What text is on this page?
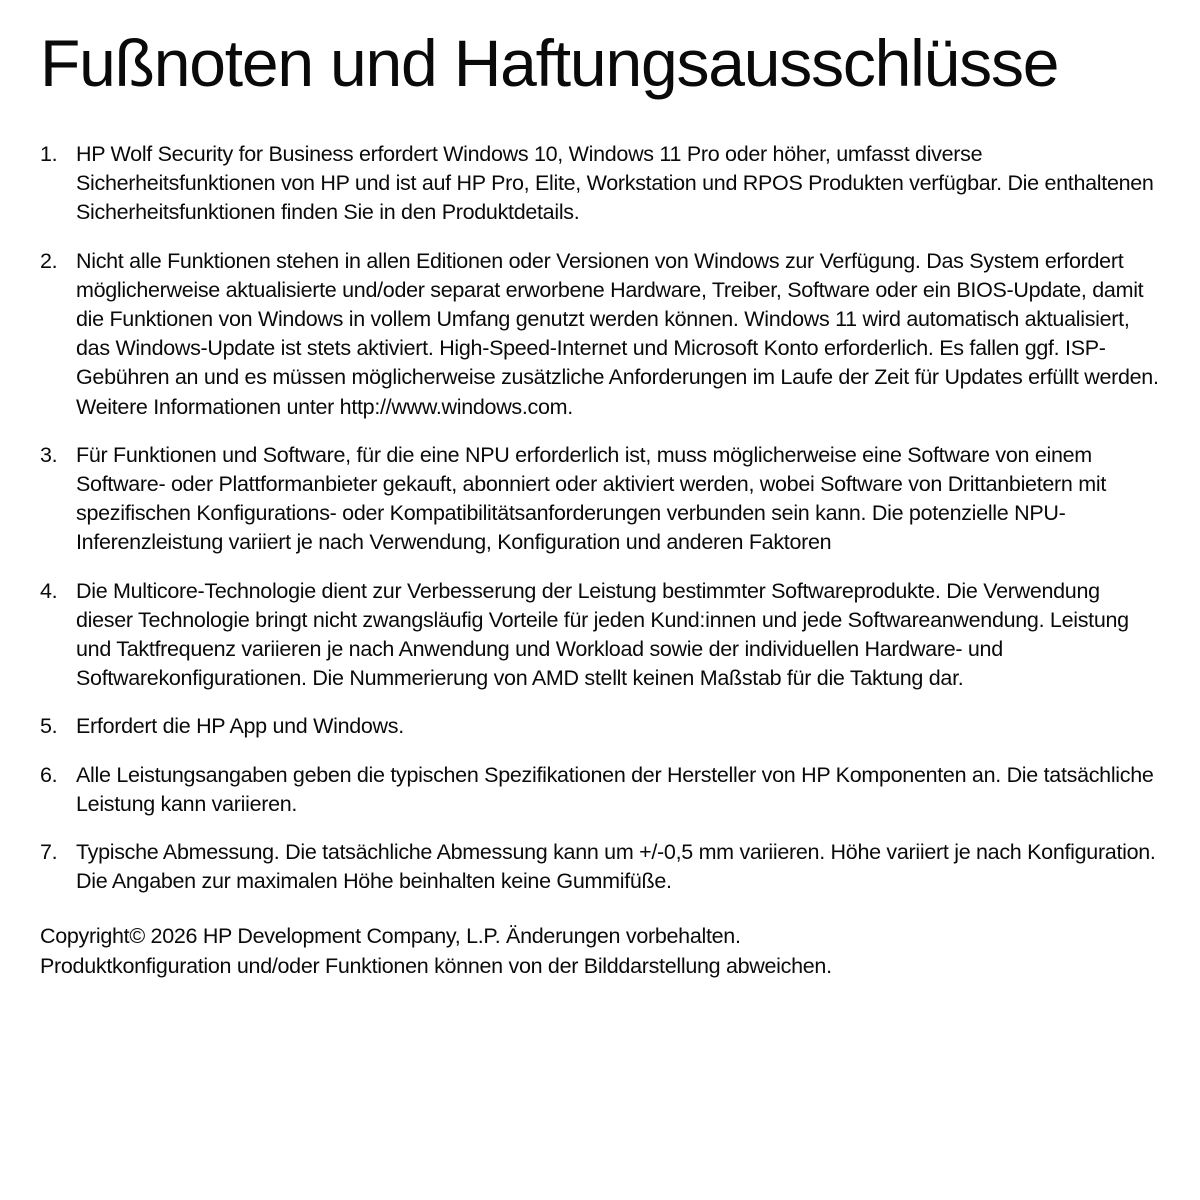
Fußnoten und Haftungsausschlüsse
1. HP Wolf Security for Business erfordert Windows 10, Windows 11 Pro oder höher, umfasst diverse Sicherheitsfunktionen von HP und ist auf HP Pro, Elite, Workstation und RPOS Produkten verfügbar. Die enthaltenen Sicherheitsfunktionen finden Sie in den Produktdetails.
2. Nicht alle Funktionen stehen in allen Editionen oder Versionen von Windows zur Verfügung. Das System erfordert möglicherweise aktualisierte und/oder separat erworbene Hardware, Treiber, Software oder ein BIOS-Update, damit die Funktionen von Windows in vollem Umfang genutzt werden können. Windows 11 wird automatisch aktualisiert, das Windows-Update ist stets aktiviert. High-Speed-Internet und Microsoft Konto erforderlich. Es fallen ggf. ISP-Gebühren an und es müssen möglicherweise zusätzliche Anforderungen im Laufe der Zeit für Updates erfüllt werden. Weitere Informationen unter http://www.windows.com.
3. Für Funktionen und Software, für die eine NPU erforderlich ist, muss möglicherweise eine Software von einem Software- oder Plattformanbieter gekauft, abonniert oder aktiviert werden, wobei Software von Drittanbietern mit spezifischen Konfigurations- oder Kompatibilitätsanforderungen verbunden sein kann. Die potenzielle NPU-Inferenzleistung variiert je nach Verwendung, Konfiguration und anderen Faktoren
4. Die Multicore-Technologie dient zur Verbesserung der Leistung bestimmter Softwareprodukte. Die Verwendung dieser Technologie bringt nicht zwangsläufig Vorteile für jeden Kund:innen und jede Softwareanwendung. Leistung und Taktfrequenz variieren je nach Anwendung und Workload sowie der individuellen Hardware- und Softwarekonfigurationen. Die Nummerierung von AMD stellt keinen Maßstab für die Taktung dar.
5. Erfordert die HP App und Windows.
6. Alle Leistungsangaben geben die typischen Spezifikationen der Hersteller von HP Komponenten an. Die tatsächliche Leistung kann variieren.
7. Typische Abmessung. Die tatsächliche Abmessung kann um +/-0,5 mm variieren. Höhe variiert je nach Konfiguration. Die Angaben zur maximalen Höhe beinhalten keine Gummifüße.
Copyright© 2026 HP Development Company, L.P. Änderungen vorbehalten.
Produktkonfiguration und/oder Funktionen können von der Bilddarstellung abweichen.
